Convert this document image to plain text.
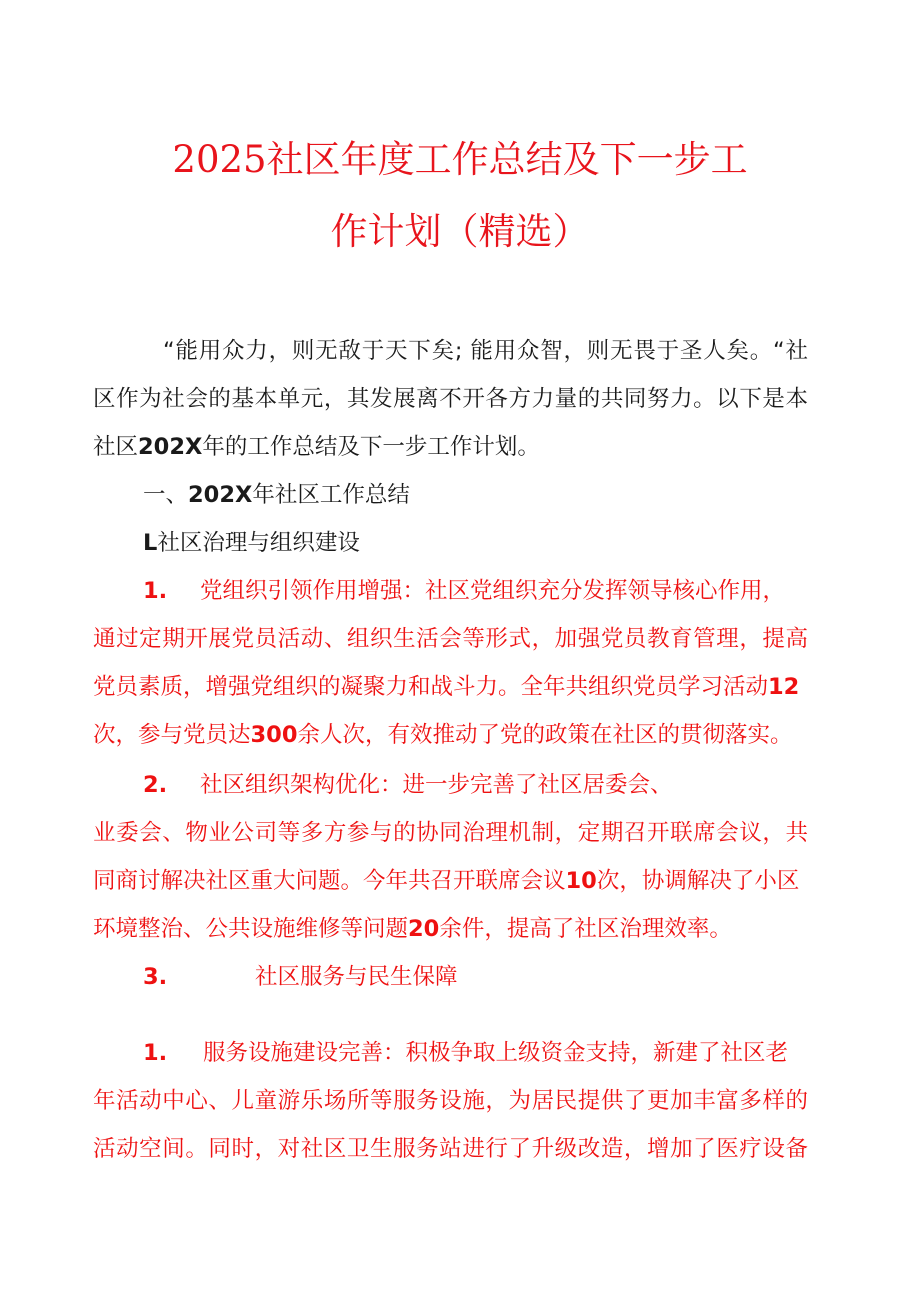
2025社区年度工作总结及下一步工
作计划（精选）
“能用众力，则无敌于天下矣; 能用众智，则无畏于圣人矣。“社
区作为社会的基本单元，其发展离不开各方力量的共同努力。以下是本
社区202X年的工作总结及下一步工作计划。
一、202X年社区工作总结
L社区治理与组织建设
1. 党组织引领作用增强：社区党组织充分发挥领导核心作用，
通过定期开展党员活动、组织生活会等形式，加强党员教育管理，提高
党员素质，增强党组织的凝聚力和战斗力。全年共组织党员学习活动12
次，参与党员达300余人次，有效推动了党的政策在社区的贯彻落实。
2. 社区组织架构优化：进一步完善了社区居委会、
业委会、物业公司等多方参与的协同治理机制，定期召开联席会议，共
同商讨解决社区重大问题。今年共召开联席会议10次，协调解决了小区
环境整治、公共设施维修等问题20余件，提高了社区治理效率。
3.	社区服务与民生保障
1. 服务设施建设完善：积极争取上级资金支持，新建了社区老
年活动中心、儿童游乐场所等服务设施，为居民提供了更加丰富多样的
活动空间。同时，对社区卫生服务站进行了升级改造，增加了医疗设备
